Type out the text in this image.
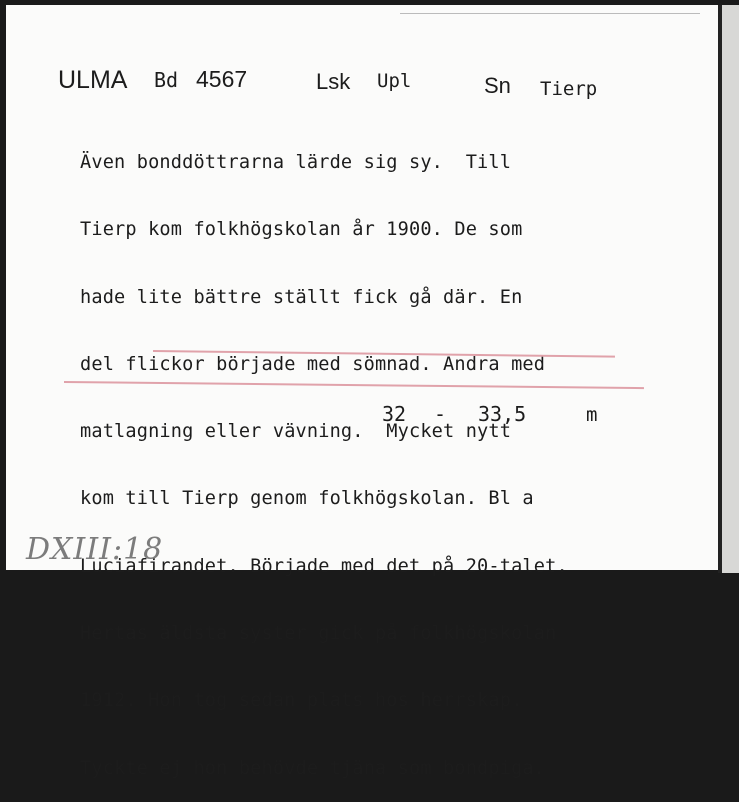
ULMA Bd 4567	Lsk Upl	Sn Tierp

Även bonddöttrarna lärde sig sy.  Till

Tierp kom folkhögskolan år 1900. De som

hade lite bättre ställt fick gå där. En

del flickor började med sömnad. Andra med

matlagning eller vävning.  Mycket nytt

kom till Tierp genom folkhögskolan. Bl a

Luciafirandet. Började med det på 20-talet.

Hertas äldsta syster gick på folkhögskolan

1912. Hon tog sedan plats hos herrskap.

Tyckte ej hon behövde tjäna som bondpiga.

32 - 33,5	m
DXIII:18
